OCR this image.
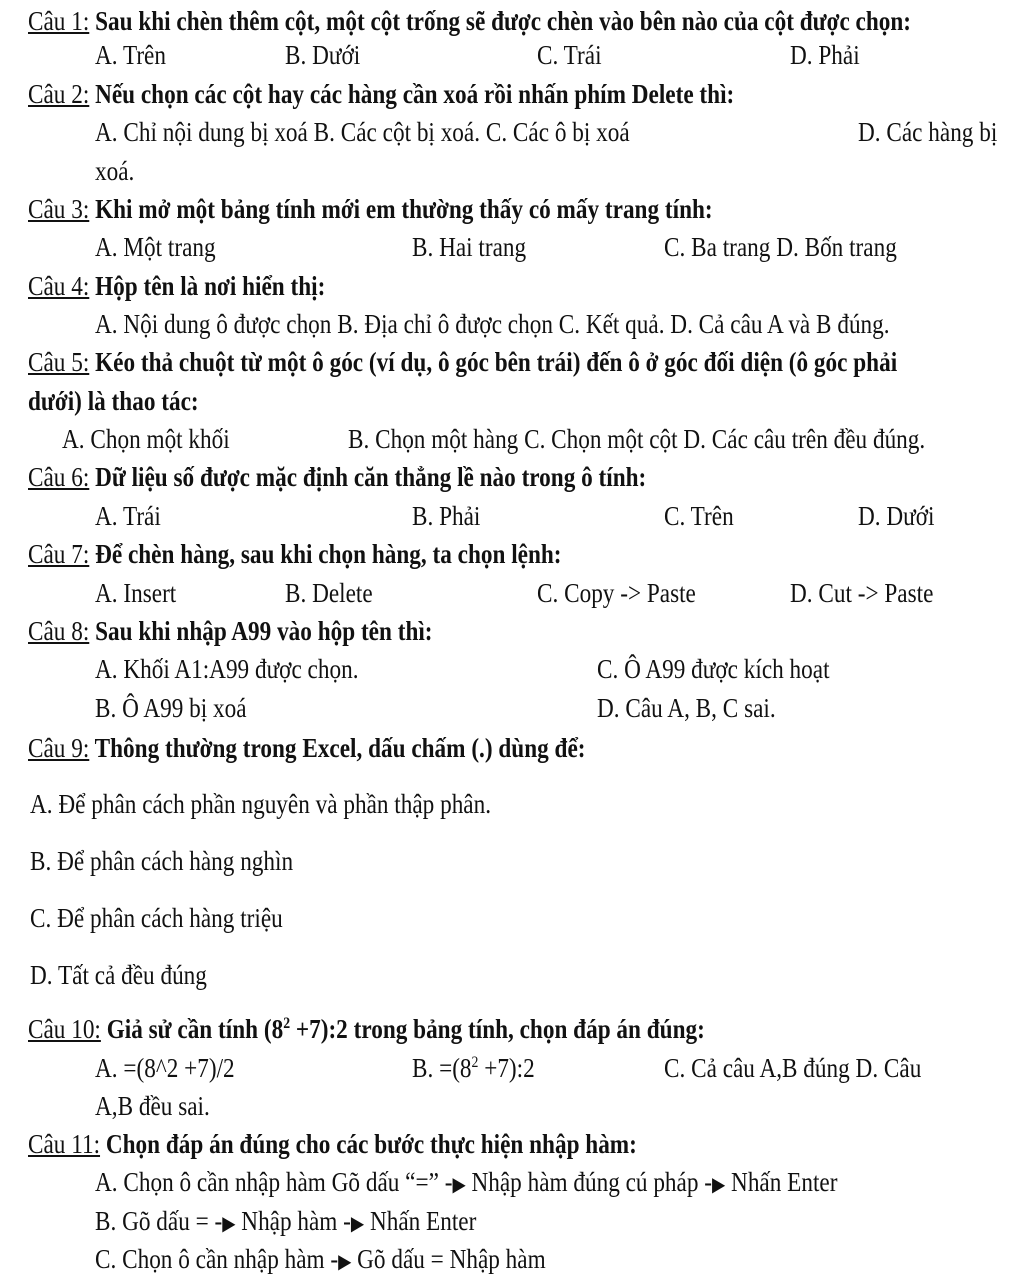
Câu 1: Sau khi chèn thêm cột, một cột trống sẽ được chèn vào bên nào của cột được chọn:
A. Trên	B. Dưới	C. Trái	D. Phải
Câu 2: Nếu chọn các cột hay các hàng cần xoá rồi nhấn phím Delete thì:
A. Chỉ nội dung bị xoá B. Các cột bị xoá. C. Các ô bị xoá	D. Các hàng bị
xoá.
Câu 3: Khi mở một bảng tính mới em thường thấy có mấy trang tính:
A. Một trang	B. Hai trang	C. Ba trang D. Bốn trang
Câu 4: Hộp tên là nơi hiển thị:
A. Nội dung ô được chọn B. Địa chỉ ô được chọn C. Kết quả. D. Cả câu A và B đúng.
Câu 5: Kéo thả chuột từ một ô góc (ví dụ, ô góc bên trái) đến ô ở góc đối diện (ô góc phải
dưới) là thao tác:
A. Chọn một khối	B. Chọn một hàng C. Chọn một cột D. Các câu trên đều đúng.
Câu 6: Dữ liệu số được mặc định căn thẳng lề nào trong ô tính:
A. Trái	B. Phải	C. Trên	D. Dưới
Câu 7: Để chèn hàng, sau khi chọn hàng, ta chọn lệnh:
A. Insert	B. Delete	C. Copy -> Paste	D. Cut -> Paste
Câu 8: Sau khi nhập A99 vào hộp tên thì:
A. Khối A1:A99 được chọn.	C. Ô A99 được kích hoạt
B. Ô A99 bị xoá	D. Câu A, B, C sai.
Câu 9: Thông thường trong Excel, dấu chấm (.) dùng để:
A. Để phân cách phần nguyên và phần thập phân.
B. Để phân cách hàng nghìn
C. Để phân cách hàng triệu
D. Tất cả đều đúng
Câu 10: Giả sử cần tính ($8^2$ +7):2 trong bảng tính, chọn đáp án đúng:
A. =(8^2 +7)/2	B. $=(8^2$ +7):2	C. Cả câu A,B đúng D. Câu
A,B đều sai.
Câu 11: Chọn đáp án đúng cho các bước thực hiện nhập hàm:
A. Chọn ô cần nhập hàm Gõ dấu “=” -▶ Nhập hàm đúng cú pháp -▶ Nhấn Enter
B. Gõ dấu = -▶ Nhập hàm -▶ Nhấn Enter
C. Chọn ô cần nhập hàm -▶ Gõ dấu = Nhập hàm
